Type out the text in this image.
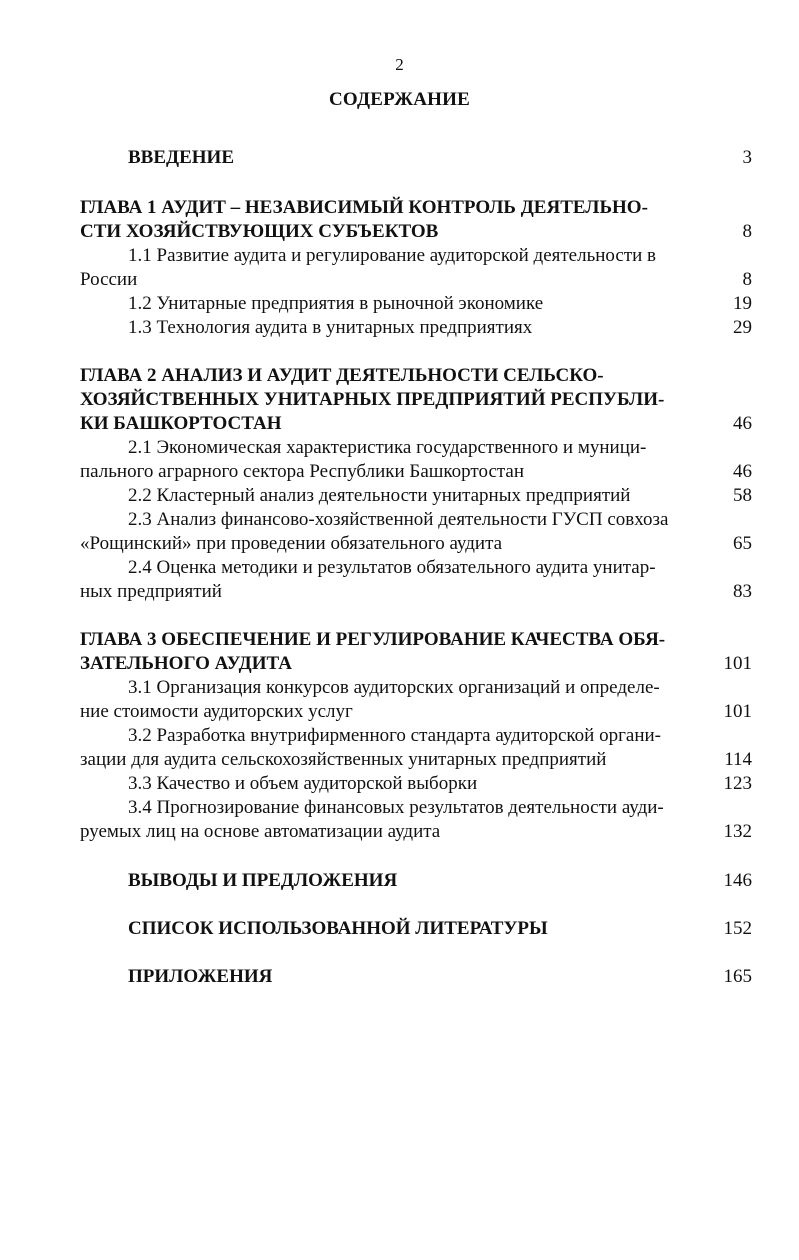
2
СОДЕРЖАНИЕ
ВВЕДЕНИЕ	3
ГЛАВА 1 АУДИТ – НЕЗАВИСИМЫЙ КОНТРОЛЬ ДЕЯТЕЛЬНО-
СТИ ХОЗЯЙСТВУЮЩИХ СУБЪЕКТОВ	8
1.1 Развитие аудита и регулирование аудиторской деятельности в
России	8
1.2 Унитарные предприятия в рыночной экономике	19
1.3 Технология аудита в унитарных предприятиях	29
ГЛАВА 2 АНАЛИЗ И АУДИТ ДЕЯТЕЛЬНОСТИ СЕЛЬСКО-
ХОЗЯЙСТВЕННЫХ УНИТАРНЫХ ПРЕДПРИЯТИЙ РЕСПУБЛИ-
КИ БАШКОРТОСТАН	46
2.1 Экономическая характеристика государственного и муници-
пального аграрного сектора Республики Башкортостан	46
2.2 Кластерный анализ деятельности унитарных предприятий	58
2.3 Анализ финансово-хозяйственной деятельности ГУСП совхоза
«Рощинский» при проведении обязательного аудита	65
2.4 Оценка методики и результатов обязательного аудита унитар-
ных предприятий	83
ГЛАВА 3 ОБЕСПЕЧЕНИЕ И РЕГУЛИРОВАНИЕ КАЧЕСТВА ОБЯ-
ЗАТЕЛЬНОГО АУДИТА	101
3.1 Организация конкурсов аудиторских организаций и определе-
ние стоимости аудиторских услуг	101
3.2 Разработка внутрифирменного стандарта аудиторской органи-
зации для аудита сельскохозяйственных унитарных предприятий	114
3.3 Качество и объем аудиторской выборки	123
3.4 Прогнозирование финансовых результатов деятельности ауди-
руемых лиц на основе автоматизации аудита	132
ВЫВОДЫ И ПРЕДЛОЖЕНИЯ	146
СПИСОК ИСПОЛЬЗОВАННОЙ ЛИТЕРАТУРЫ	152
ПРИЛОЖЕНИЯ	165
